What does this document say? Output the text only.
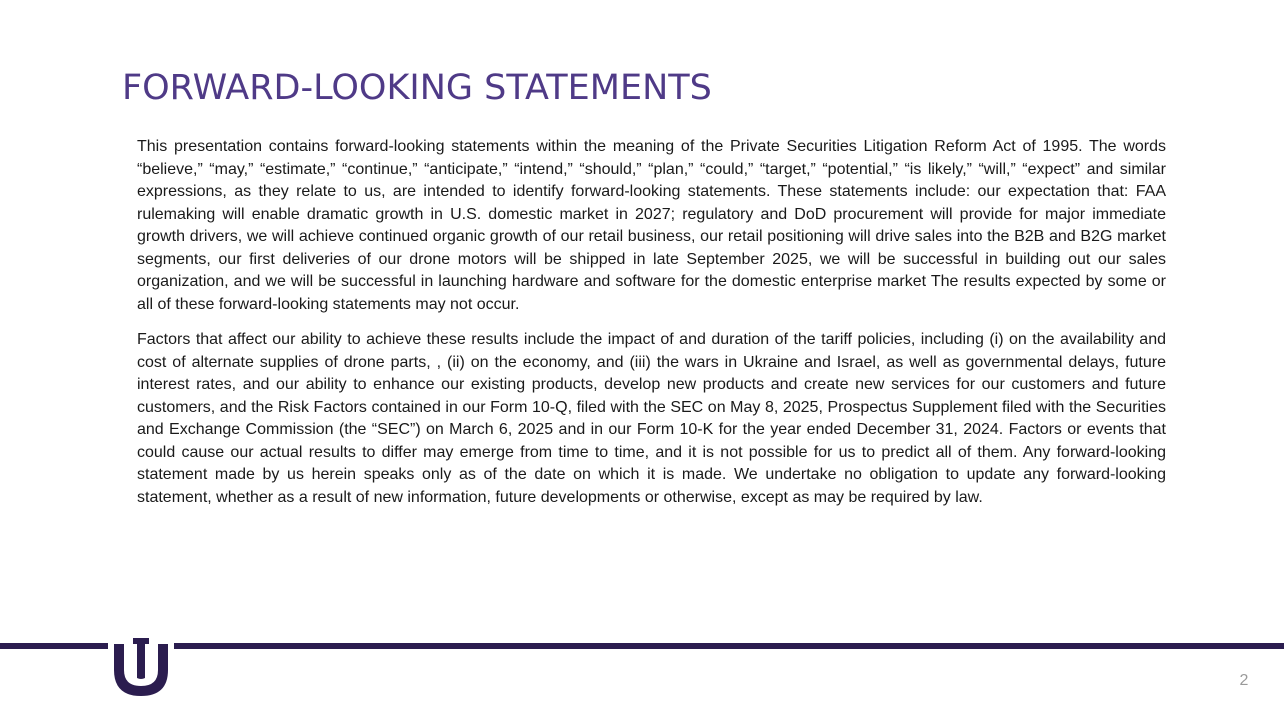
FORWARD-LOOKING STATEMENTS

This presentation contains forward-looking statements within the meaning of the Private Securities Litigation Reform Act of 1995. The words “believe,” “may,” “estimate,” “continue,” “anticipate,” “intend,” “should,” “plan,” “could,” “target,” “potential,” “is likely,” “will,” “expect” and similar expressions, as they relate to us, are intended to identify forward-looking statements. These statements include: our expectation that: FAA rulemaking will enable dramatic growth in U.S. domestic market in 2027; regulatory and DoD procurement will provide for major immediate growth drivers, we will achieve continued organic growth of our retail business, our retail positioning will drive sales into the B2B and B2G market segments, our first deliveries of our drone motors will be shipped in late September 2025, we will be successful in building out our sales organization, and we will be successful in launching hardware and software for the domestic enterprise market The results expected by some or all of these forward-looking statements may not occur.

Factors that affect our ability to achieve these results include the impact of and duration of the tariff policies, including (i) on the availability and cost of alternate supplies of drone parts, , (ii) on the economy, and (iii) the wars in Ukraine and Israel, as well as governmental delays, future interest rates, and our ability to enhance our existing products, develop new products and create new services for our customers and future customers, and the Risk Factors contained in our Form 10-Q, filed with the SEC on May 8, 2025, Prospectus Supplement filed with the Securities and Exchange Commission (the “SEC”) on March 6, 2025 and in our Form 10-K for the year ended December 31, 2024. Factors or events that could cause our actual results to differ may emerge from time to time, and it is not possible for us to predict all of them. Any forward-looking statement made by us herein speaks only as of the date on which it is made. We undertake no obligation to update any forward-looking statement, whether as a result of new information, future developments or otherwise, except as may be required by law.

2
